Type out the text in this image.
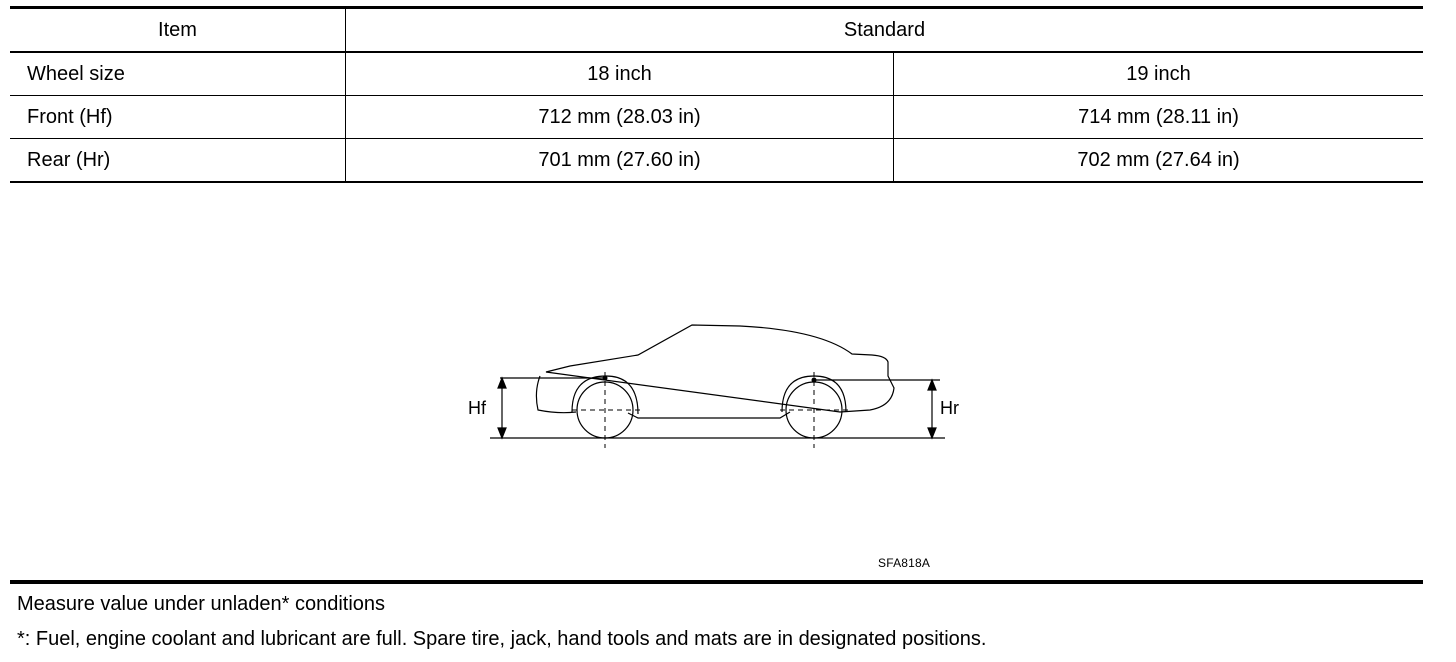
Item	Standard	
Wheel size	18 inch	19 inch
Front (Hf)	712 mm (28.03 in)	714 mm (28.11 in)
Rear (Hr)	701 mm (27.60 in)	702 mm (27.64 in)
Hf	Hr
SFA818A
Measure value under unladen* conditions
*: Fuel, engine coolant and lubricant are full. Spare tire, jack, hand tools and mats are in designated positions.
